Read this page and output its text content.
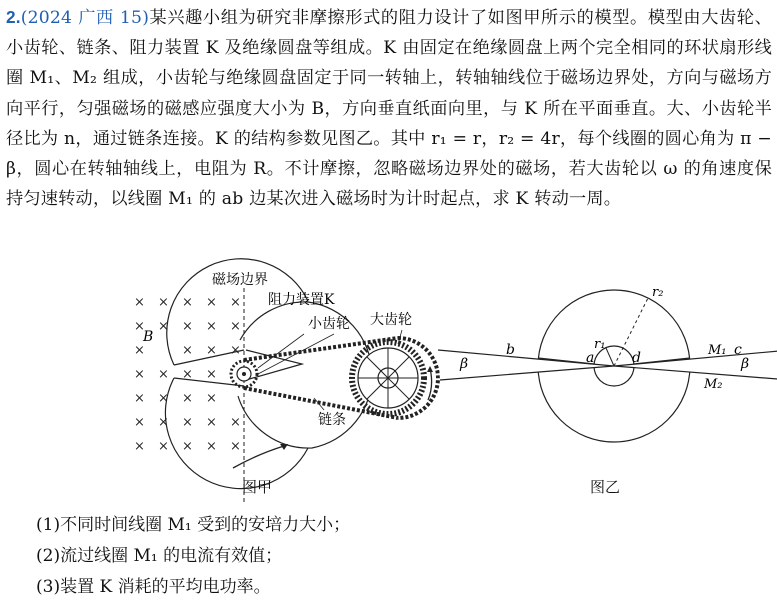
2.(2024 广西 15)某兴趣小组为研究非摩擦形式的阻力设计了如图甲所示的模型。模型由大齿轮、小齿轮、链条、阻力装置 K 及绝缘圆盘等组成。K 由固定在绝缘圆盘上两个完全相同的环状扇形线圈 M₁、M₂ 组成，小齿轮与绝缘圆盘固定于同一转轴上，转轴轴线位于磁场边界处，方向与磁场方向平行，匀强磁场的磁感应强度大小为 B，方向垂直纸面向里，与 K 所在平面垂直。大、小齿轮半径比为 n，通过链条连接。K 的结构参数见图乙。其中 r₁ = r，r₂ = 4r，每个线圈的圆心角为 π − β，圆心在转轴轴线上，电阻为 R。不计摩擦，忽略磁场边界处的磁场，若大齿轮以 ω 的角速度保持匀速转动，以线圈 M₁ 的 ab 边某次进入磁场时为计时起点，求 K 转动一周。
× × × × ×
× × × × ×
×	× × ×
× × × ×
× × × ×
× × × × ×
× × × × ×
B
磁场边界
阻力装置K
小齿轮 大齿轮
链条
β	β
r₂
r₁
b	a	d	c
M₁
M₂
图甲	图乙
(1)不同时间线圈 M₁ 受到的安培力大小；
(2)流过线圈 M₁ 的电流有效值；
(3)装置 K 消耗的平均电功率。
